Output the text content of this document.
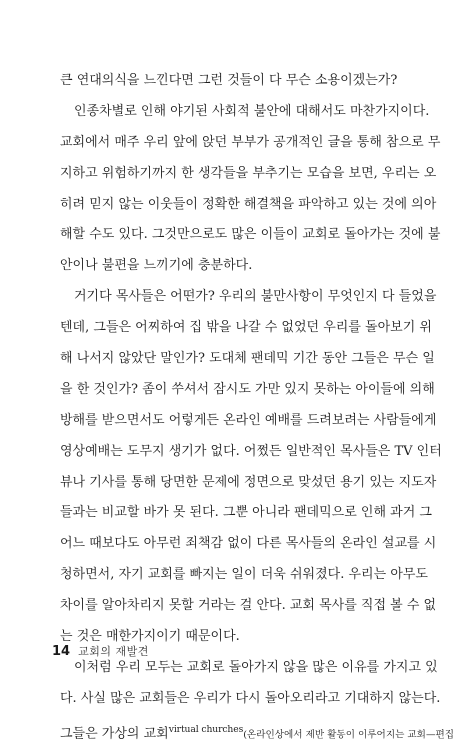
큰 연대의식을 느낀다면 그런 것들이 다 무슨 소용이겠는가?
인종차별로 인해 야기된 사회적 불안에 대해서도 마찬가지이다.
교회에서 매주 우리 앞에 앉던 부부가 공개적인 글을 통해 참으로 무
지하고 위험하기까지 한 생각들을 부추기는 모습을 보면, 우리는 오
히려 믿지 않는 이웃들이 정확한 해결책을 파악하고 있는 것에 의아
해할 수도 있다. 그것만으로도 많은 이들이 교회로 돌아가는 것에 불
안이나 불편을 느끼기에 충분하다.
거기다 목사들은 어떤가? 우리의 불만사항이 무엇인지 다 들었을
텐데, 그들은 어찌하여 집 밖을 나갈 수 없었던 우리를 돌아보기 위
해 나서지 않았단 말인가? 도대체 팬데믹 기간 동안 그들은 무슨 일
을 한 것인가? 좀이 쑤셔서 잠시도 가만 있지 못하는 아이들에 의해
방해를 받으면서도 어렇게든 온라인 예배를 드려보려는 사람들에게
영상예배는 도무지 생기가 없다. 어쩠든 일반적인 목사들은 TV 인터
뷰나 기사를 통해 당면한 문제에 정면으로 맞섰던 용기 있는 지도자
들과는 비교할 바가 못 된다. 그뿐 아니라 팬데믹으로 인해 과거 그
어느 때보다도 아무런 죄책감 없이 다른 목사들의 온라인 설교를 시
청하면서, 자기 교회를 빠지는 일이 더욱 쉬워졌다. 우리는 아무도
차이를 알아차리지 못할 거라는 걸 안다. 교회 목사를 직접 볼 수 없
는 것은 매한가지이기 때문이다.
이처럼 우리 모두는 교회로 돌아가지 않을 많은 이유를 가지고 있
다. 사실 많은 교회들은 우리가 다시 돌아오리라고 기대하지 않는다.
그들은 가상의 교회$^{virtual churches}$(온라인상에서 제반 활동이 이루어지는 교회—편집
14 교회의 재발견
